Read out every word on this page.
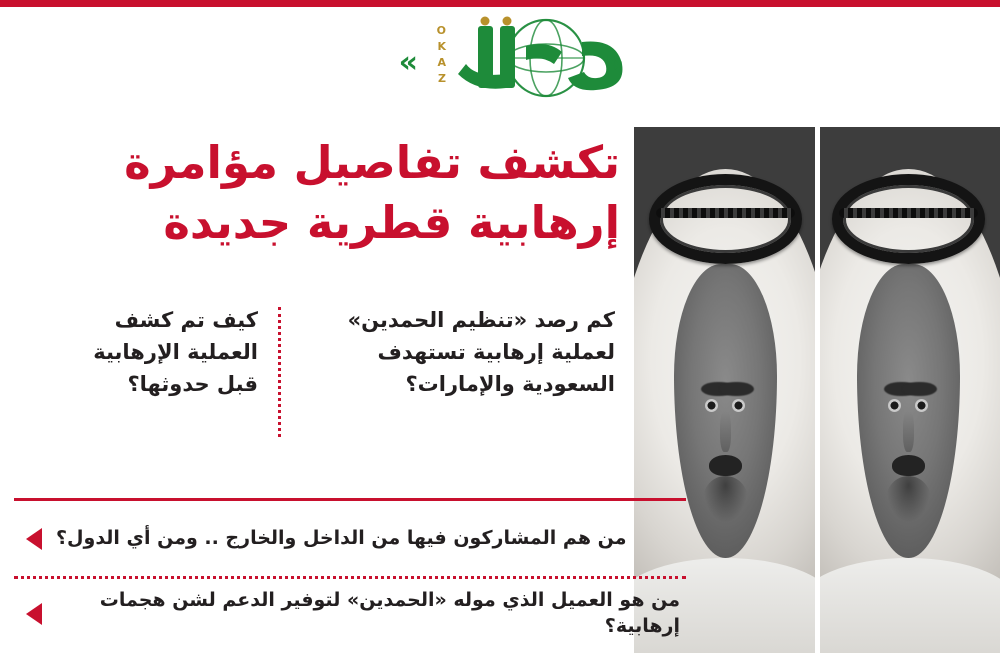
O
K
A
Z	«
»
تكشف تفاصيل مؤامرة
إرهابية قطرية جديدة
كم رصد «تنظيم الحمدين» لعملية إرهابية تستهدف السعودية والإمارات؟
كيف تم كشف العملية الإرهابية قبل حدوثها؟
من هم المشاركون فيها من الداخل والخارج .. ومن أي الدول؟
من هو العميل الذي موله «الحمدين» لتوفير الدعم لشن هجمات إرهابية؟
